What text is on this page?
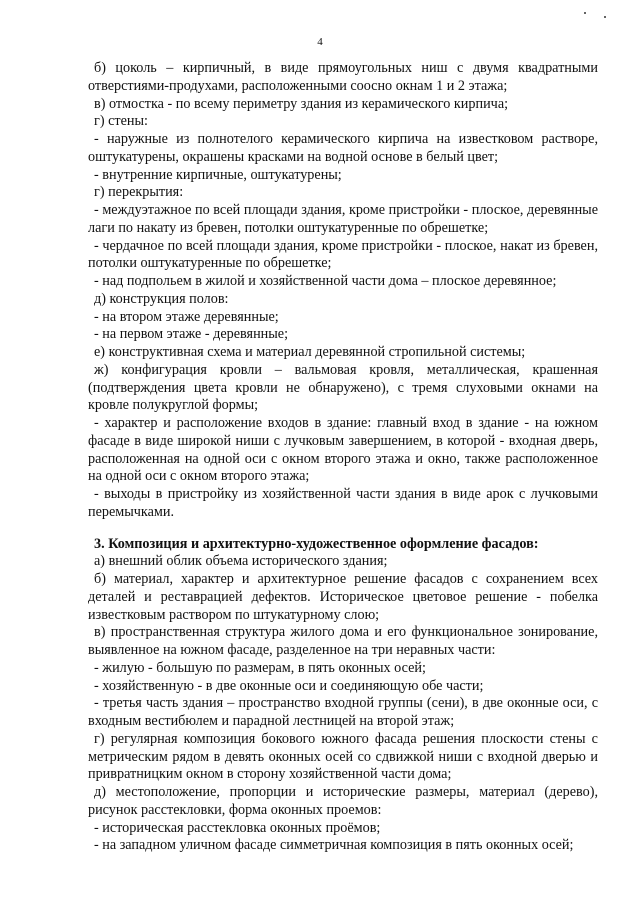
4

б) цоколь – кирпичный, в виде прямоугольных ниш с двумя квадратными отверстиями-продухами, расположенными соосно окнам 1 и 2 этажа;

в) отмостка - по всему периметру здания из керамического кирпича;

г) стены:

- наружные из полнотелого керамического кирпича на известковом растворе, оштукатурены, окрашены красками на водной основе в белый цвет;

- внутренние кирпичные, оштукатурены;

г) перекрытия:

- междуэтажное по всей площади здания, кроме пристройки - плоское, деревянные лаги по накату из бревен, потолки оштукатуренные по обрешетке;

- чердачное по всей площади здания, кроме пристройки - плоское, накат из бревен, потолки оштукатуренные по обрешетке;

- над подпольем в жилой и хозяйственной части дома – плоское деревянное;

д) конструкция полов:

- на втором этаже деревянные;

- на первом этаже - деревянные;

е) конструктивная схема и материал деревянной стропильной системы;

ж) конфигурация кровли – вальмовая кровля, металлическая, крашенная (подтверждения цвета кровли не обнаружено), с тремя слуховыми окнами на кровле полукруглой формы;

- характер и расположение входов в здание: главный вход в здание - на южном фасаде в виде широкой ниши с лучковым завершением, в которой - входная дверь, расположенная на одной оси с окном второго этажа и окно, также расположенное на одной оси с окном второго этажа;

- выходы в пристройку из хозяйственной части здания в виде арок с лучковыми перемычками.

3. Композиция и архитектурно-художественное оформление фасадов:

а) внешний облик объема исторического здания;

б) материал, характер и архитектурное решение фасадов с сохранением всех деталей и реставрацией дефектов. Историческое цветовое решение - побелка известковым раствором по штукатурному слою;

в) пространственная структура жилого дома и его функциональное зонирование, выявленное на южном фасаде, разделенное на три неравных части:

- жилую - большую по размерам, в пять оконных осей;

- хозяйственную - в две оконные оси и соединяющую обе части;

- третья часть здания – пространство входной группы (сени), в две оконные оси, с входным вестибюлем и парадной лестницей на второй этаж;

г) регулярная композиция бокового южного фасада решения плоскости стены с метрическим рядом в девять оконных осей со сдвижкой ниши с входной дверью и привратницким окном в сторону хозяйственной части дома;

д) местоположение, пропорции и исторические размеры, материал (дерево), рисунок расстекловки, форма оконных проемов:

- историческая расстекловка оконных проёмов;

- на западном уличном фасаде симметричная композиция в пять оконных осей;
